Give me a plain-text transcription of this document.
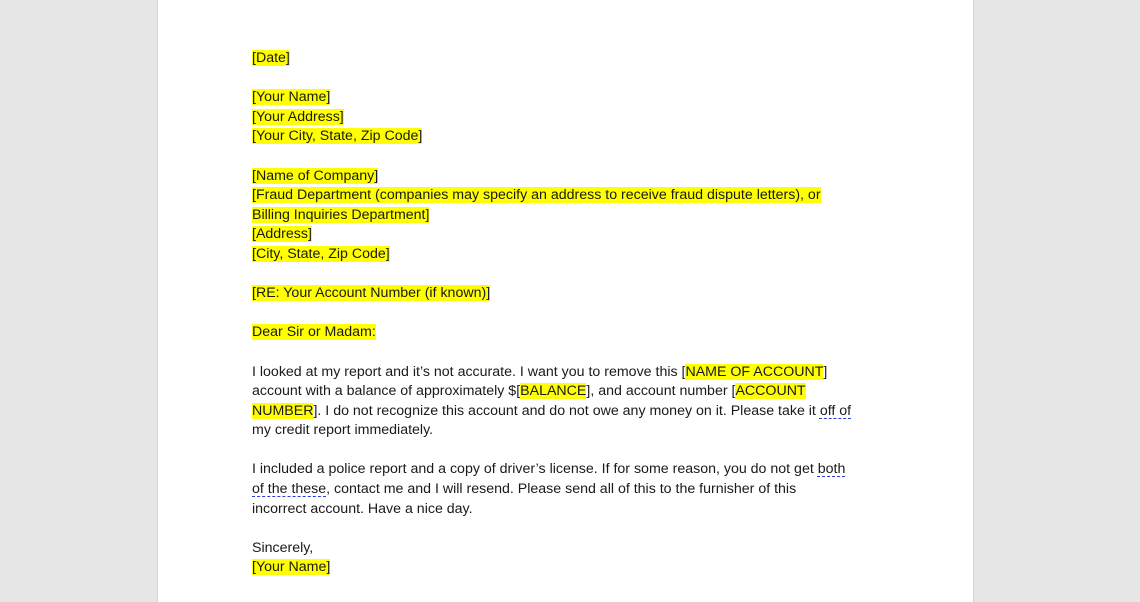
[Date]

[Your Name]
[Your Address]
[Your City, State, Zip Code]

[Name of Company]
[Fraud Department (companies may specify an address to receive fraud dispute letters), or
Billing Inquiries Department]
[Address]
[City, State, Zip Code]

[RE: Your Account Number (if known)]

Dear Sir or Madam:

I looked at my report and it’s not accurate. I want you to remove this [NAME OF ACCOUNT]
account with a balance of approximately $[BALANCE], and account number [ACCOUNT
NUMBER]. I do not recognize this account and do not owe any money on it. Please take it off of
my credit report immediately.

I included a police report and a copy of driver’s license. If for some reason, you do not get both
of the these, contact me and I will resend. Please send all of this to the furnisher of this
incorrect account. Have a nice day.

Sincerely,
[Your Name]
